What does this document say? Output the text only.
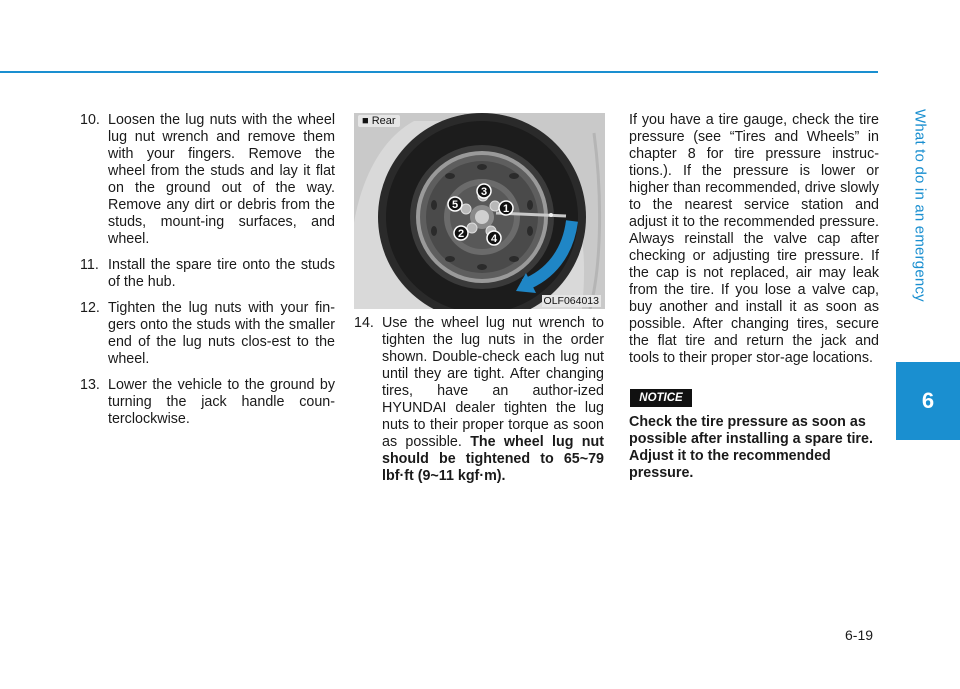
What to do in an emergency
6
10. Loosen the lug nuts with the wheel lug nut wrench and remove them with your fingers. Remove the wheel from the studs and lay it flat on the ground out of the way. Remove any dirt or debris from the studs, mount-ing surfaces, and wheel.

11. Install the spare tire onto the studs of the hub.

12. Tighten the lug nuts with your fin-gers onto the studs with the smaller end of the lug nuts clos-est to the wheel.

13. Lower the vehicle to the ground by turning the jack handle coun-terclockwise.

1
3
5
2 4
■ Rear
OLF064013
14. Use the wheel lug nut wrench to tighten the lug nuts in the order shown. Double-check each lug nut until they are tight. After changing tires, have an author-ized HYUNDAI dealer tighten the lug nuts to their proper torque as soon as possible. The wheel lug nut should be tightened to 65~79 lbf·ft (9~11 kgf·m).

If you have a tire gauge, check the tire pressure (see “Tires and Wheels” in chapter 8 for tire pressure instruc-tions.). If the pressure is lower or higher than recommended, drive slowly to the nearest service station and adjust it to the recommended pressure. Always reinstall the valve cap after checking or adjusting tire pressure. If the cap is not replaced, air may leak from the tire. If you lose a valve cap, buy another and install it as soon as possible. After changing tires, secure the flat tire and return the jack and tools to their proper stor-age locations.

NOTICE
Check the tire pressure as soon as possible after installing a spare tire. Adjust it to the recommended pressure.
6-19
